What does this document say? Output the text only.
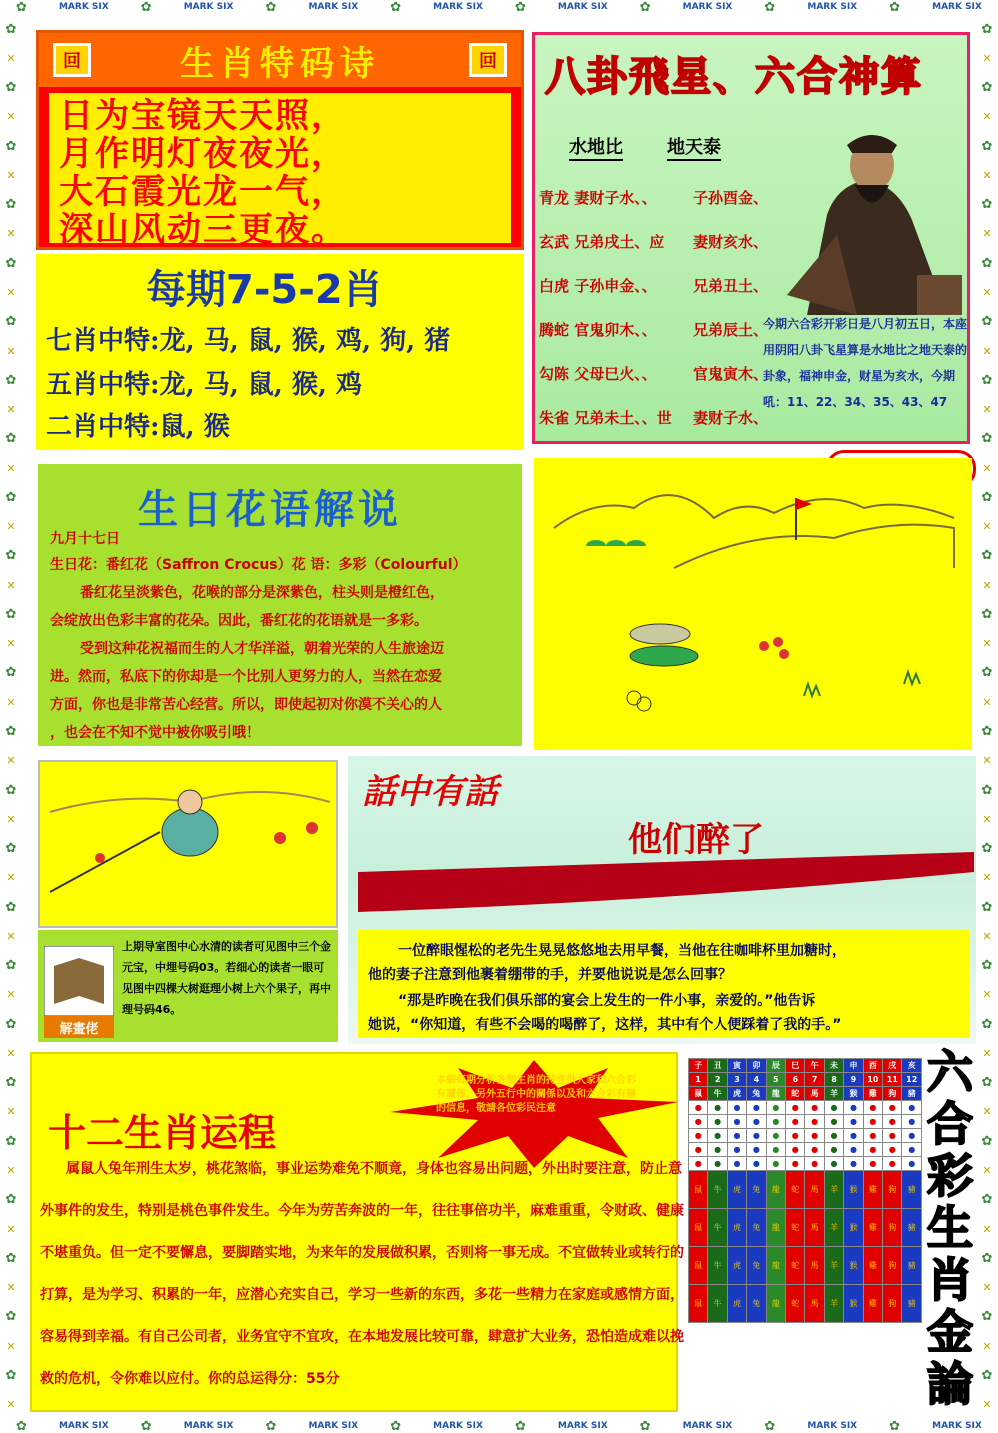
✿	MARK SIX ✿	MARK SIX ✿	MARK SIX ✿	MARK SIX ✿	MARK SIX ✿	MARK SIX ✿	MARK SIX ✿	MARK SIX
✿	MARK SIX ✿	MARK SIX ✿	MARK SIX ✿	MARK SIX ✿	MARK SIX ✿	MARK SIX ✿	MARK SIX ✿	MARK SIX
✿
✕
✿
✕
✿
✕
✿
✕
✿
✕
✿
✕
✿
✕
✿
✕
✿
✕
✿
✕
✿
✕
✿
✕
✿
✕
✿
✕
✿
✕
✿
✕
✿
✕
✿
✕
✿
✕
✿
✕
✿
✕
✿
✕
✿
✕
✿
✕
✿
✕
✿
✕
✿
✕
✿
✕
✿
✕
✿
✕
✿
✕
✿
✕
✿
✕
✿
✕
✿
✕
✿
✕
✿
✕
✿
✕
✿
✕
✿
✕
✿
✕
✿
✕
✿
✕
✿
✕
✿
✕
✿
✕
✿
✕
✿
✕
回	生肖特码诗	回
日为宝镜天天照，
月作明灯夜夜光，
大石霞光龙一气，
深山风动三更夜。
每期7-5-2肖
七肖中特:龙, 马, 鼠, 猴, 鸡, 狗, 猪
五肖中特:龙, 马, 鼠, 猴, 鸡
二肖中特:鼠, 猴
八卦飛星、六合神算
水地比 地天泰
青龙 妻财子水、、 子孙酉金、
玄武 兄弟戌土、应 妻财亥水、
白虎 子孙申金、、 兄弟丑土、
腾蛇 官鬼卯木、、 兄弟辰土、
勾陈 父母巳火、、 官鬼寅木、
朱雀 兄弟未土、、世 妻财子水、
今期六合彩开彩日是八月初五日，本座用阴阳八卦飞星算是水地比之地天泰的卦象，福神申金，财星为亥水，今期吼：11、22、34、35、43、47
生日花语解说
九月十七日
生日花：番红花（Saffron Crocus）花 语：多彩（Colourful）
番红花呈淡紫色，花喉的部分是深紫色，柱头则是橙红色，
会绽放出色彩丰富的花朵。因此，番红花的花语就是一多彩。
受到这种花祝福而生的人才华洋溢，朝着光荣的人生旅途迈
进。然而，私底下的你却是一个比别人更努力的人，当然在恋爱
方面，你也是非常苦心经营。所以，即使起初对你漠不关心的人
，也会在不知不觉中被你吸引哦！
解畫佬
上期导室图中心水清的读者可见图中三个金元宝，中埋号码03。若细心的读者一眼可见图中四棵大树逛理小树上六个果子，再中理号码46。
話中有話
他们醉了
一位醉眼惺松的老先生晃晃悠悠地去用早餐，当他在往咖啡杯里加糖时，
他的妻子注意到他裹着绷带的手，并要他说说是怎么回事？
“那是昨晚在我们俱乐部的宴会上发生的一件小事，亲爱的。”他告诉
她说，“你知道，有些不会喝的喝醉了，这样，其中有个人便踩着了我的手。”
本網每期分析各個生肖的持性供大家和六合彩有關係，另外五行中的關係以及和六合彩有關的信息，敬請各位彩民注意
十二生肖运程
属鼠人兔年刑生太岁，桃花煞临，事业运势难免不顺竟，身体也容易出问题，外出时要注意，防止意
外事件的发生，特别是桃色事件发生。今年为劳苦奔波的一年，往往事倍功半，麻难重重，令财政、健康
不堪重负。但一定不要懈息，要脚踏实地，为来年的发展做积累，否则将一事无成。不宜做转业或转行的
打算，是为学习、积累的一年，应潜心充实自己，学习一些新的东西，多花一些精力在家庭或感情方面，
容易得到幸福。有自己公司者，业务宜守不宜攻，在本地发展比较可靠，肆意扩大业务，恐怕造成难以挽
救的危机，令你难以应付。你的总运得分：55分
子	丑	寅	卯	辰	巳	午	未	申	酉	戌	亥
1	2	3	4	5	6	7	8	9	10	11	12
鼠	牛	虎	兔	龍	蛇	馬	羊	猴	雞	狗	豬
●	●	●	●	●	●	●	●	●	●	●	●
●	●	●	●	●	●	●	●	●	●	●	●
●	●	●	●	●	●	●	●	●	●	●	●
●	●	●	●	●	●	●	●	●	●	●	●
●	●	●	●	●	●	●	●	●	●	●	●
鼠	牛	虎	兔	龍	蛇	馬	羊	猴	雞	狗	豬
鼠	牛	虎	兔	龍	蛇	馬	羊	猴	雞	狗	豬
鼠	牛	虎	兔	龍	蛇	馬	羊	猴	雞	狗	豬
鼠	牛	虎	兔	龍	蛇	馬	羊	猴	雞	狗	豬
六
合
彩
生
肖
金
論
